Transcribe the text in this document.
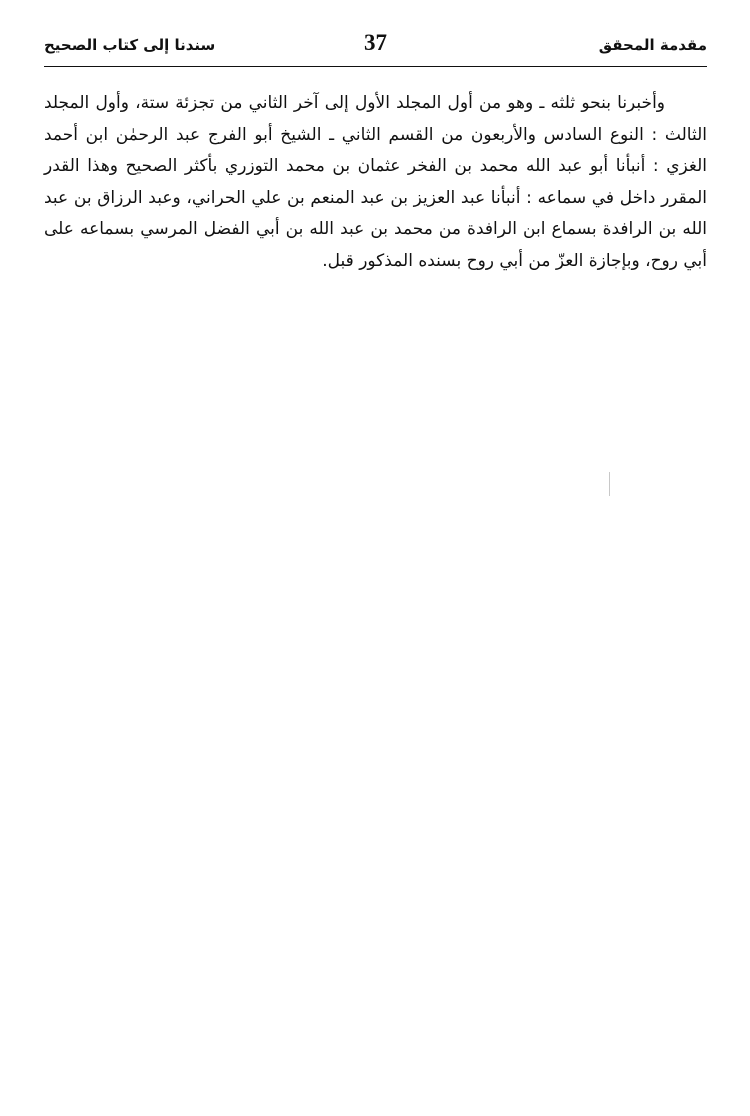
مقدمة المحقق
37
سندنا إلى كتاب الصحيح

وأخبرنا بنحو ثلثه ـ وهو من أول المجلد الأول إلى آخر الثاني من تجزئة ستة، وأول المجلد الثالث : النوع السادس والأربعون من القسم الثاني ـ الشيخ أبو الفرج عبد الرحمٰن ابن أحمد الغزي : أنبأنا أبو عبد الله محمد بن الفخر عثمان بن محمد التوزري بأكثر الصحيح وهذا القدر المقرر داخل في سماعه : أنبأنا عبد العزيز بن عبد المنعم بن علي الحراني، وعبد الرزاق بن عبد الله بن الرافدة بسماع ابن الرافدة من محمد بن عبد الله بن أبي الفضل المرسي بسماعه على أبي روح، وبإجازة العزّ من أبي روح بسنده المذكور قبل.
